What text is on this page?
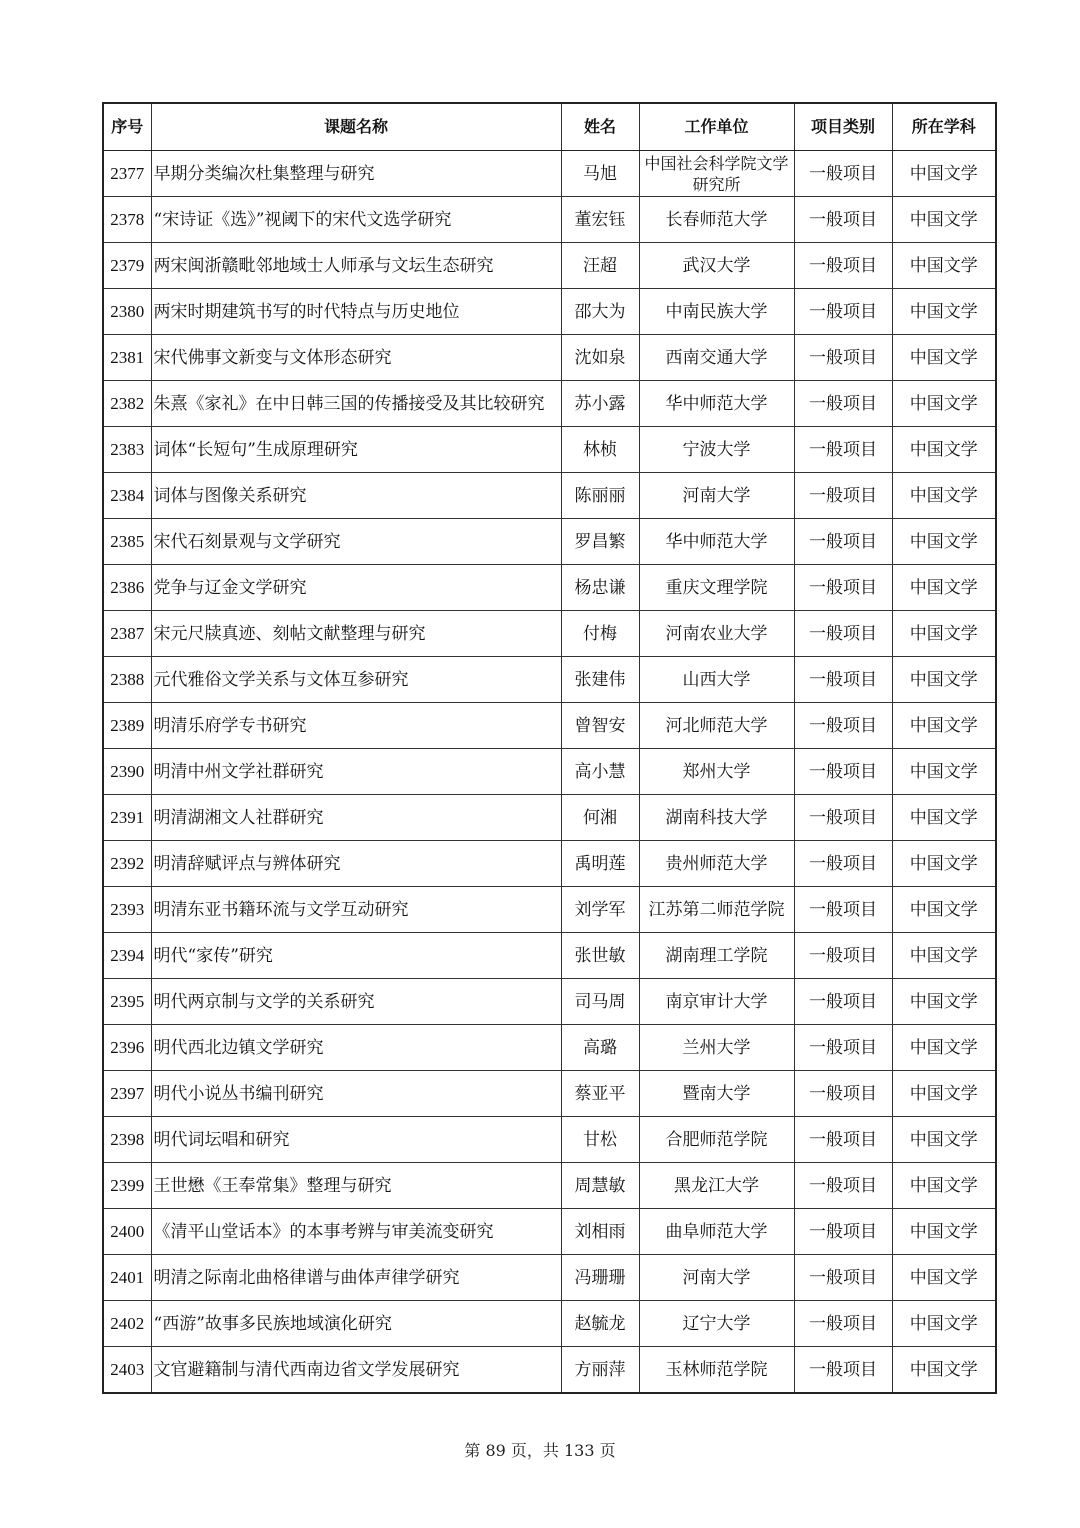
序号	课题名称	姓名	工作单位	项目类别	所在学科
2377	早期分类编次杜集整理与研究	马旭	中国社会科学院文学研究所	一般项目	中国文学
2378	“宋诗证《选》”视阈下的宋代文选学研究	董宏钰	长春师范大学	一般项目	中国文学
2379	两宋闽浙赣毗邻地域士人师承与文坛生态研究	汪超	武汉大学	一般项目	中国文学
2380	两宋时期建筑书写的时代特点与历史地位	邵大为	中南民族大学	一般项目	中国文学
2381	宋代佛事文新变与文体形态研究	沈如泉	西南交通大学	一般项目	中国文学
2382	朱熹《家礼》在中日韩三国的传播接受及其比较研究	苏小露	华中师范大学	一般项目	中国文学
2383	词体“长短句”生成原理研究	林桢	宁波大学	一般项目	中国文学
2384	词体与图像关系研究	陈丽丽	河南大学	一般项目	中国文学
2385	宋代石刻景观与文学研究	罗昌繁	华中师范大学	一般项目	中国文学
2386	党争与辽金文学研究	杨忠谦	重庆文理学院	一般项目	中国文学
2387	宋元尺牍真迹、刻帖文献整理与研究	付梅	河南农业大学	一般项目	中国文学
2388	元代雅俗文学关系与文体互参研究	张建伟	山西大学	一般项目	中国文学
2389	明清乐府学专书研究	曾智安	河北师范大学	一般项目	中国文学
2390	明清中州文学社群研究	高小慧	郑州大学	一般项目	中国文学
2391	明清湖湘文人社群研究	何湘	湖南科技大学	一般项目	中国文学
2392	明清辞赋评点与辨体研究	禹明莲	贵州师范大学	一般项目	中国文学
2393	明清东亚书籍环流与文学互动研究	刘学军	江苏第二师范学院	一般项目	中国文学
2394	明代“家传”研究	张世敏	湖南理工学院	一般项目	中国文学
2395	明代两京制与文学的关系研究	司马周	南京审计大学	一般项目	中国文学
2396	明代西北边镇文学研究	高璐	兰州大学	一般项目	中国文学
2397	明代小说丛书编刊研究	蔡亚平	暨南大学	一般项目	中国文学
2398	明代词坛唱和研究	甘松	合肥师范学院	一般项目	中国文学
2399	王世懋《王奉常集》整理与研究	周慧敏	黑龙江大学	一般项目	中国文学
2400	《清平山堂话本》的本事考辨与审美流变研究	刘相雨	曲阜师范大学	一般项目	中国文学
2401	明清之际南北曲格律谱与曲体声律学研究	冯珊珊	河南大学	一般项目	中国文学
2402	“西游”故事多民族地域演化研究	赵毓龙	辽宁大学	一般项目	中国文学
2403	文官避籍制与清代西南边省文学发展研究	方丽萍	玉林师范学院	一般项目	中国文学
第 89 页，共 133 页
